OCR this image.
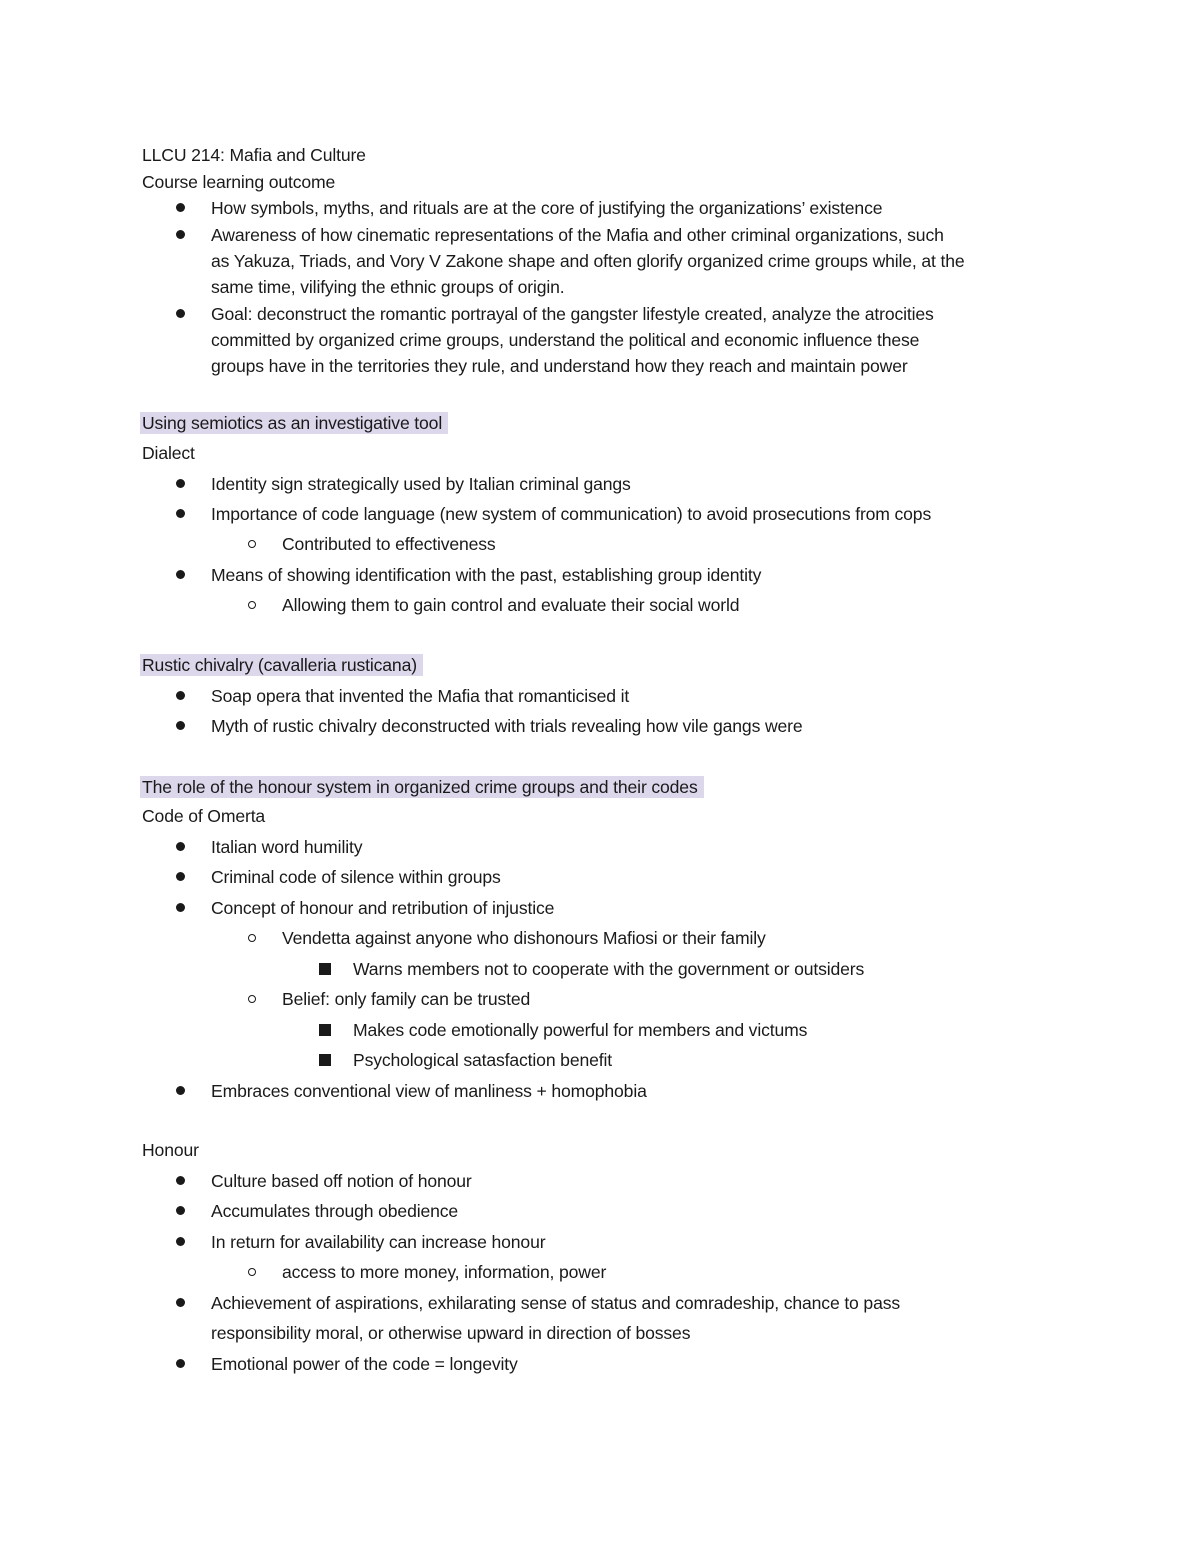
LLCU 214: Mafia and Culture
Course learning outcome
How symbols, myths, and rituals are at the core of justifying the organizations’ existence
Awareness of how cinematic representations of the Mafia and other criminal organizations, such
as Yakuza, Triads, and Vory V Zakone shape and often glorify organized crime groups while, at the
same time, vilifying the ethnic groups of origin.
Goal: deconstruct the romantic portrayal of the gangster lifestyle created, analyze the atrocities
committed by organized crime groups, understand the political and economic influence these
groups have in the territories they rule, and understand how they reach and maintain power
Using semiotics as an investigative tool
Dialect
Identity sign strategically used by Italian criminal gangs
Importance of code language (new system of communication) to avoid prosecutions from cops
Contributed to effectiveness
Means of showing identification with the past, establishing group identity
Allowing them to gain control and evaluate their social world
Rustic chivalry (cavalleria rusticana)
Soap opera that invented the Mafia that romanticised it
Myth of rustic chivalry deconstructed with trials revealing how vile gangs were
The role of the honour system in organized crime groups and their codes
Code of Omerta
Italian word humility
Criminal code of silence within groups
Concept of honour and retribution of injustice
Vendetta against anyone who dishonours Mafiosi or their family
Warns members not to cooperate with the government or outsiders
Belief: only family can be trusted
Makes code emotionally powerful for members and victums
Psychological satasfaction benefit
Embraces conventional view of manliness + homophobia
Honour
Culture based off notion of honour
Accumulates through obedience
In return for availability can increase honour
access to more money, information, power
Achievement of aspirations, exhilarating sense of status and comradeship, chance to pass
responsibility moral, or otherwise upward in direction of bosses
Emotional power of the code = longevity
